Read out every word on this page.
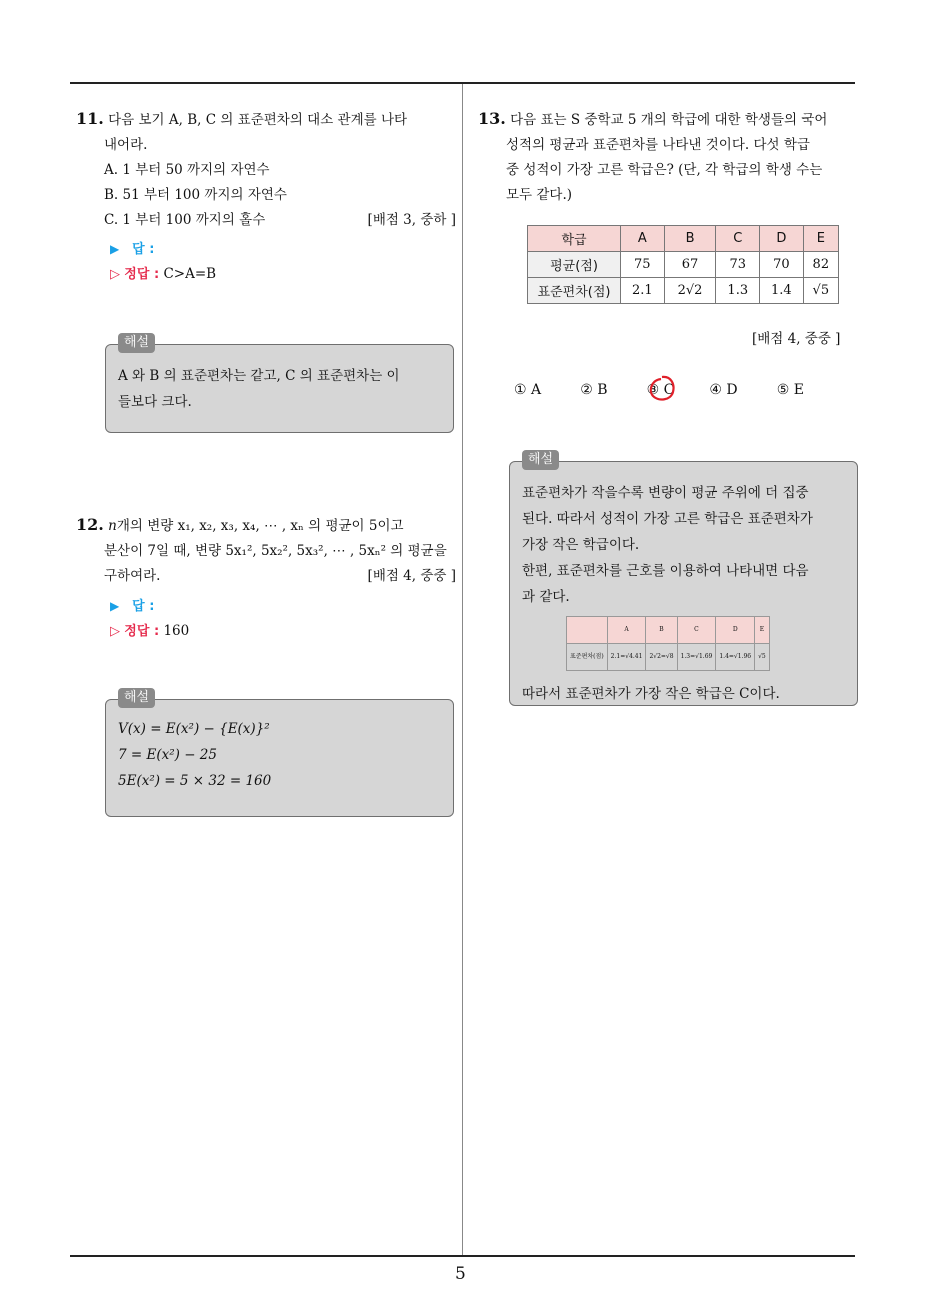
5
11. 다음 보기 A, B, C 의 표준편차의 대소 관계를 나타
내어라.
A. 1 부터 50 까지의 자연수
B. 51 부터 100 까지의 자연수
C. 1 부터 100 까지의 홀수	[배점 3, 중하 ]
▶ 답 :
▷ 정답 : C>A=B
해설
A 와 B 의 표준편차는 같고, C 의 표준편차는 이
들보다 크다.
12. n개의 변량 x₁, x₂, x₃, x₄, ⋯ , xₙ 의 평균이 5이고
분산이 7일 때, 변량 5x₁², 5x₂², 5x₃², ⋯ , 5xₙ² 의 평균을
구하여라.	[배점 4, 중중 ]
▶ 답 :
▷ 정답 : 160
해설
V(x) = E(x²) − {E(x)}²
7 = E(x²) − 25
5E(x²) = 5 × 32 = 160
13. 다음 표는 S 중학교 5 개의 학급에 대한 학생들의 국어
성적의 평균과 표준편차를 나타낸 것이다. 다섯 학급
중 성적이 가장 고른 학급은? (단, 각 학급의 학생 수는
모두 같다.)
학급	A	B	C	D	E
평균(점)	75	67	73	70	82
표준편차(점)	2.1	2√2	1.3	1.4	√5
[배점 4, 중중 ]
① A	② B	③ C	④ D	⑤ E
해설
표준편차가 작을수록 변량이 평균 주위에 더 집중
된다. 따라서 성적이 가장 고른 학급은 표준편차가
가장 작은 학급이다.
한편, 표준편차를 근호를 이용하여 나타내면 다음
과 같다.
	A	B	C	D	E
표준편차(점)	2.1=√4.41	2√2=√8	1.3=√1.69	1.4=√1.96	√5
따라서 표준편차가 가장 작은 학급은 C이다.
